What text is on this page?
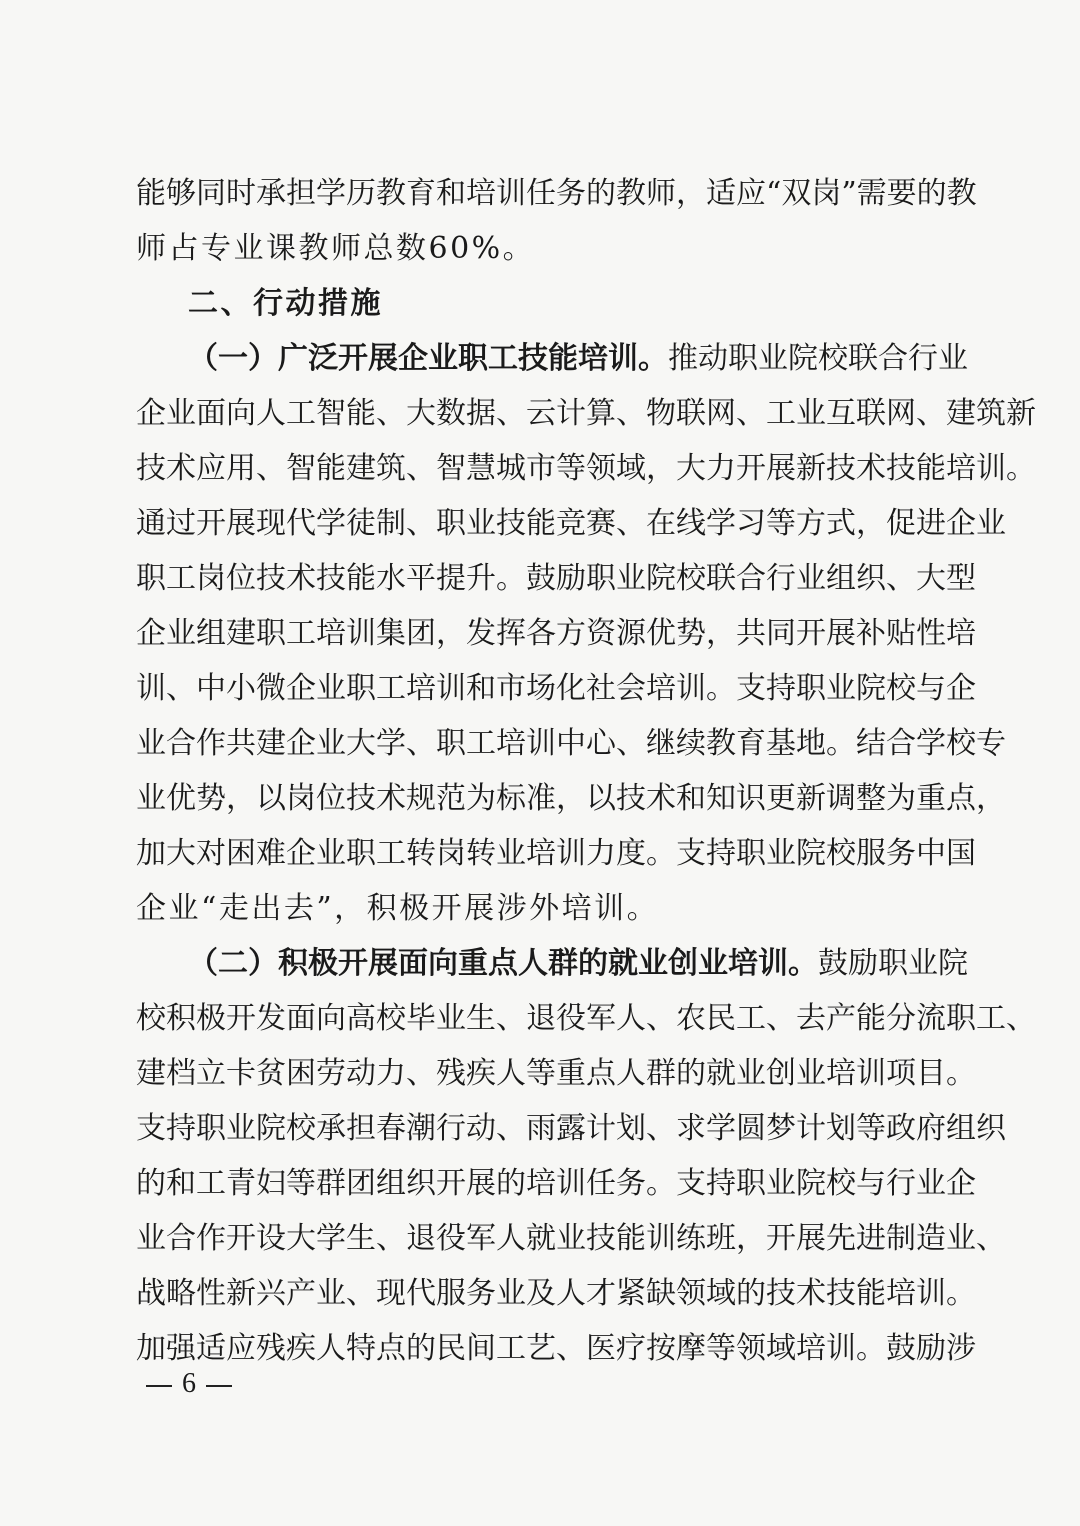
能够同时承担学历教育和培训任务的教师，适应“双岗”需要的教
师占专业课教师总数60%。
二、行动措施
（一）广泛开展企业职工技能培训。推动职业院校联合行业
企业面向人工智能、大数据、云计算、物联网、工业互联网、建筑新
技术应用、智能建筑、智慧城市等领域，大力开展新技术技能培训。
通过开展现代学徒制、职业技能竞赛、在线学习等方式，促进企业
职工岗位技术技能水平提升。鼓励职业院校联合行业组织、大型
企业组建职工培训集团，发挥各方资源优势，共同开展补贴性培
训、中小微企业职工培训和市场化社会培训。支持职业院校与企
业合作共建企业大学、职工培训中心、继续教育基地。结合学校专
业优势，以岗位技术规范为标准，以技术和知识更新调整为重点，
加大对困难企业职工转岗转业培训力度。支持职业院校服务中国
企业“走出去”，积极开展涉外培训。
（二）积极开展面向重点人群的就业创业培训。鼓励职业院
校积极开发面向高校毕业生、退役军人、农民工、去产能分流职工、
建档立卡贫困劳动力、残疾人等重点人群的就业创业培训项目。
支持职业院校承担春潮行动、雨露计划、求学圆梦计划等政府组织
的和工青妇等群团组织开展的培训任务。支持职业院校与行业企
业合作开设大学生、退役军人就业技能训练班，开展先进制造业、
战略性新兴产业、现代服务业及人才紧缺领域的技术技能培训。
加强适应残疾人特点的民间工艺、医疗按摩等领域培训。鼓励涉
6
